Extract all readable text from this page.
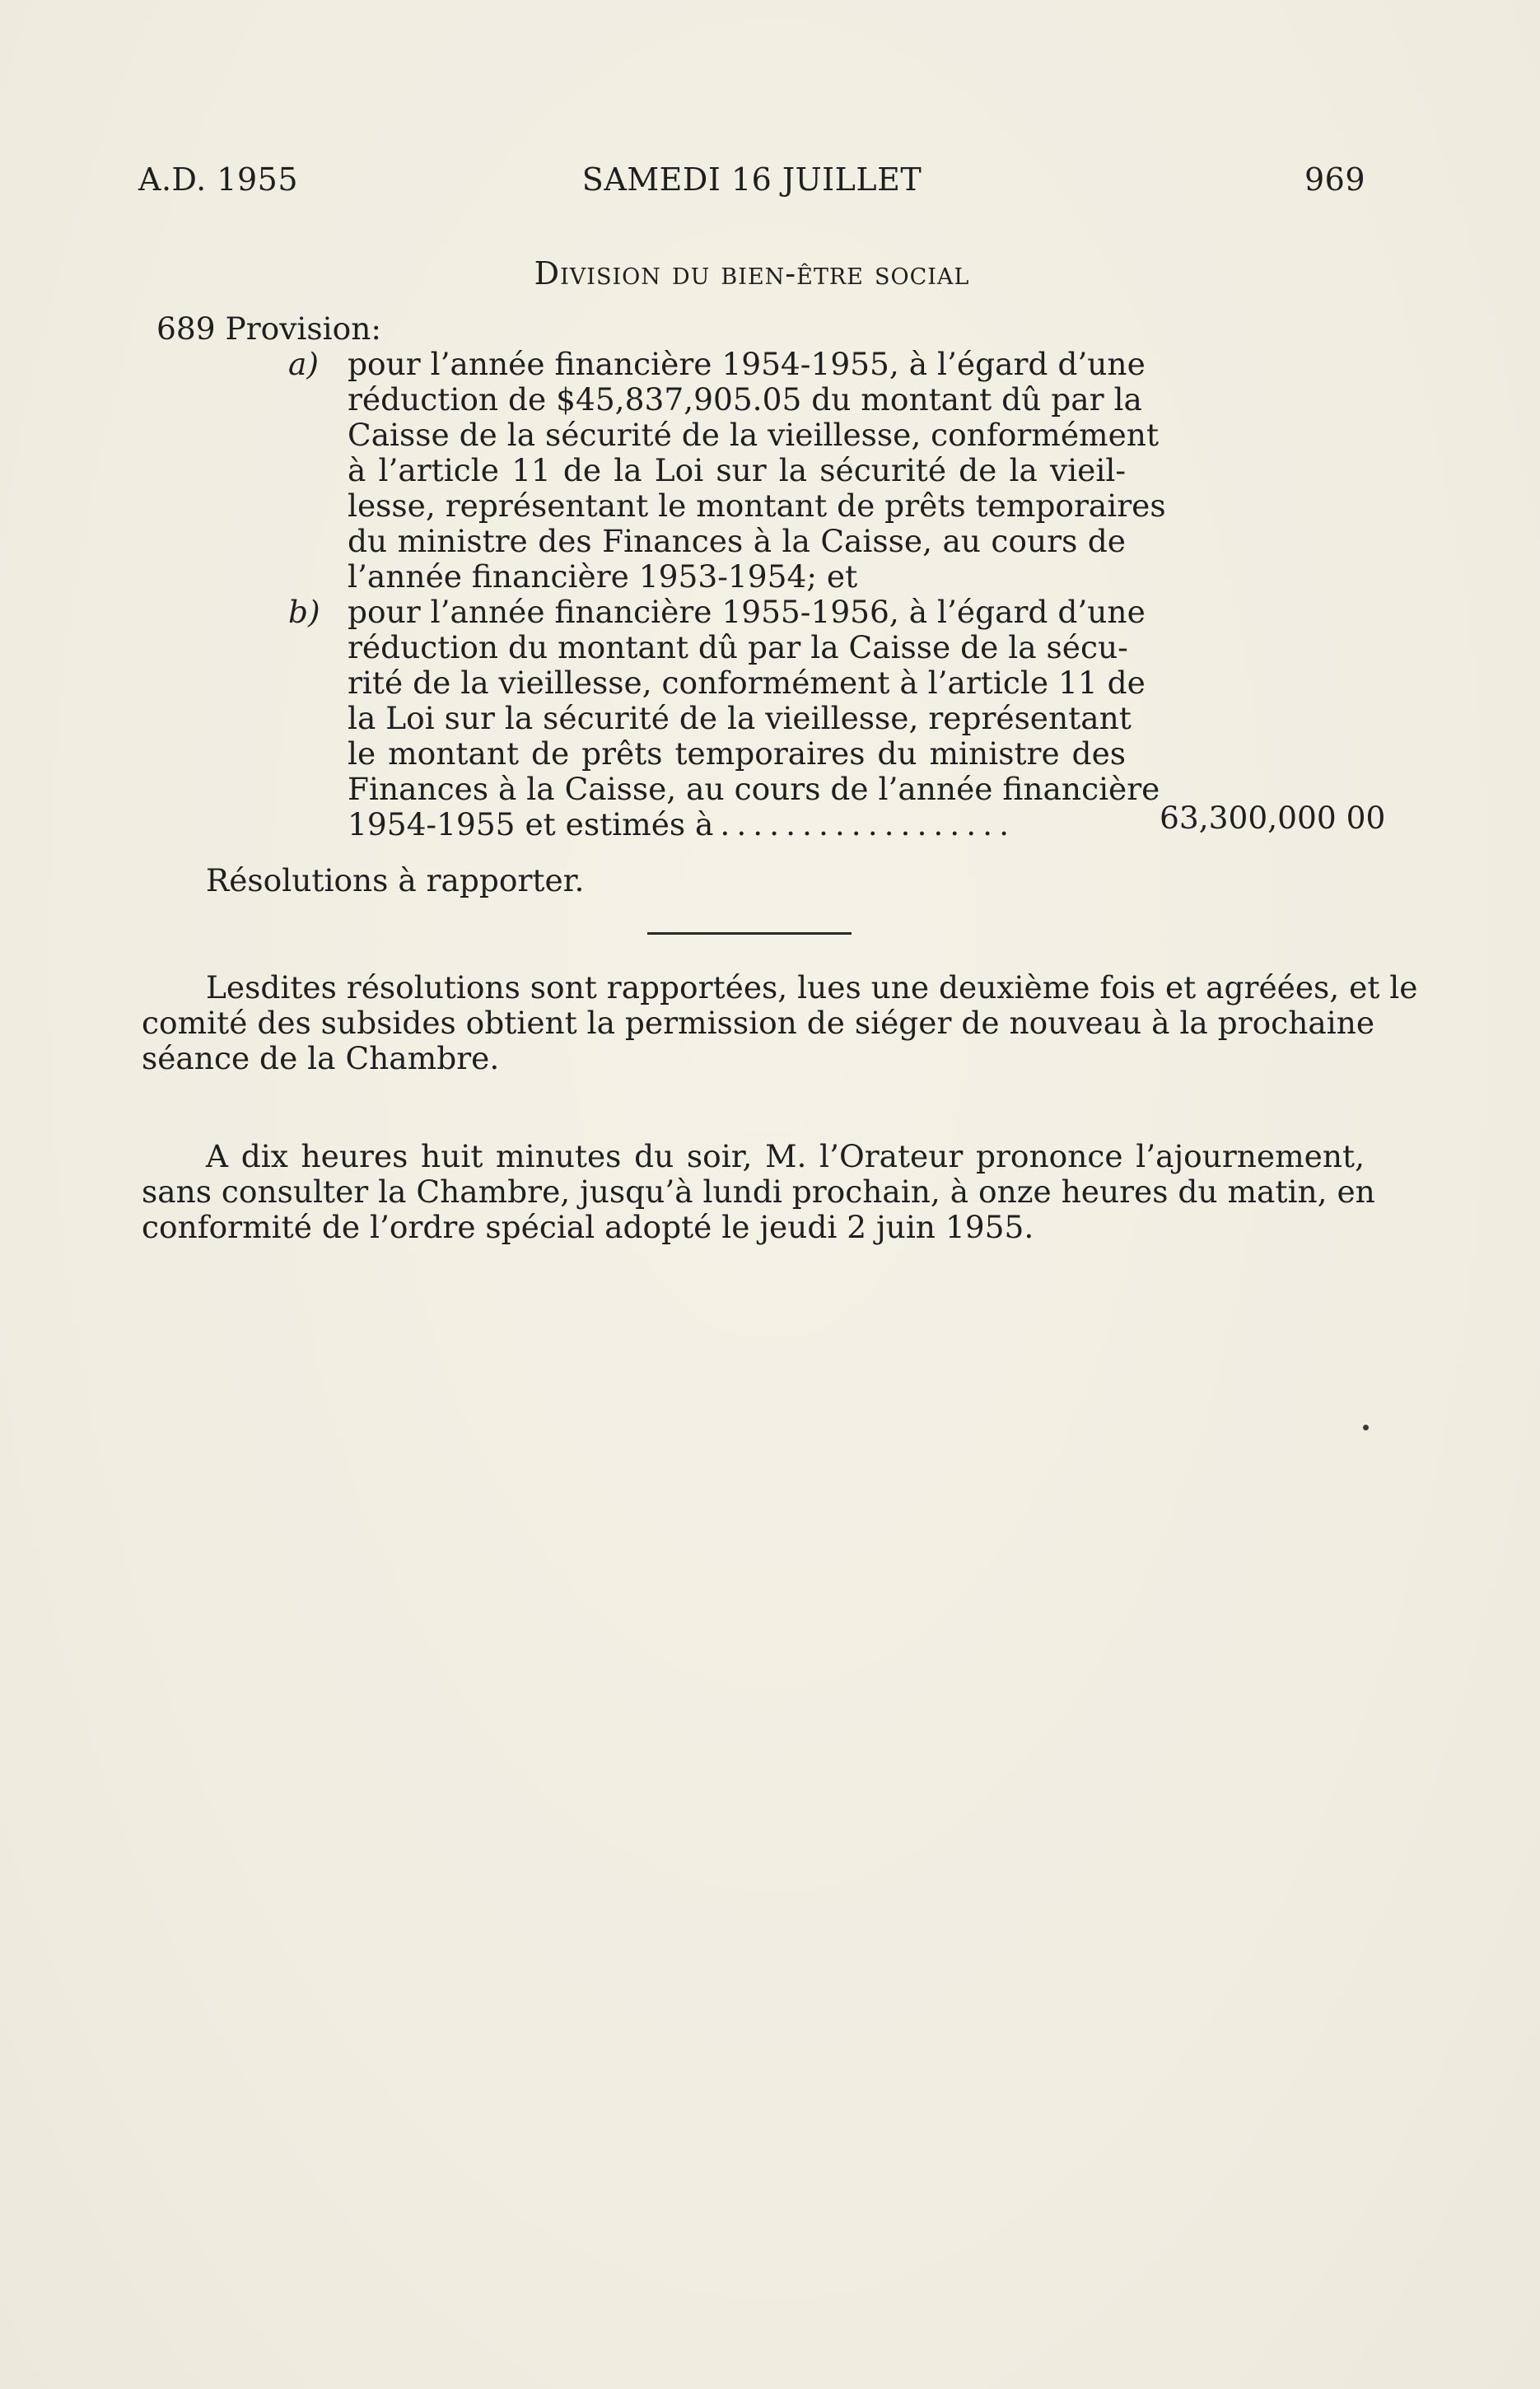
A.D. 1955	SAMEDI 16 JUILLET	969
Division du bien-être social
689 Provision:
a) pour l’année financière 1954-1955, à l’égard d’une
réduction de $45,837,905.05 du montant dû par la
Caisse de la sécurité de la vieillesse, conformément
à l’article 11 de la Loi sur la sécurité de la vieil-
lesse, représentant le montant de prêts temporaires
du ministre des Finances à la Caisse, au cours de
l’année financière 1953-1954; et
b) pour l’année financière 1955-1956, à l’égard d’une
réduction du montant dû par la Caisse de la sécu-
rité de la vieillesse, conformément à l’article 11 de
la Loi sur la sécurité de la vieillesse, représentant
le montant de prêts temporaires du ministre des
Finances à la Caisse, au cours de l’année financière
1954-1955 et estimés à ..................	63,300,000 00
Résolutions à rapporter.
Lesdites résolutions sont rapportées, lues une deuxième fois et agréées, et le
comité des subsides obtient la permission de siéger de nouveau à la prochaine
séance de la Chambre.
A dix heures huit minutes du soir, M. l’Orateur prononce l’ajournement,
sans consulter la Chambre, jusqu’à lundi prochain, à onze heures du matin, en
conformité de l’ordre spécial adopté le jeudi 2 juin 1955.
